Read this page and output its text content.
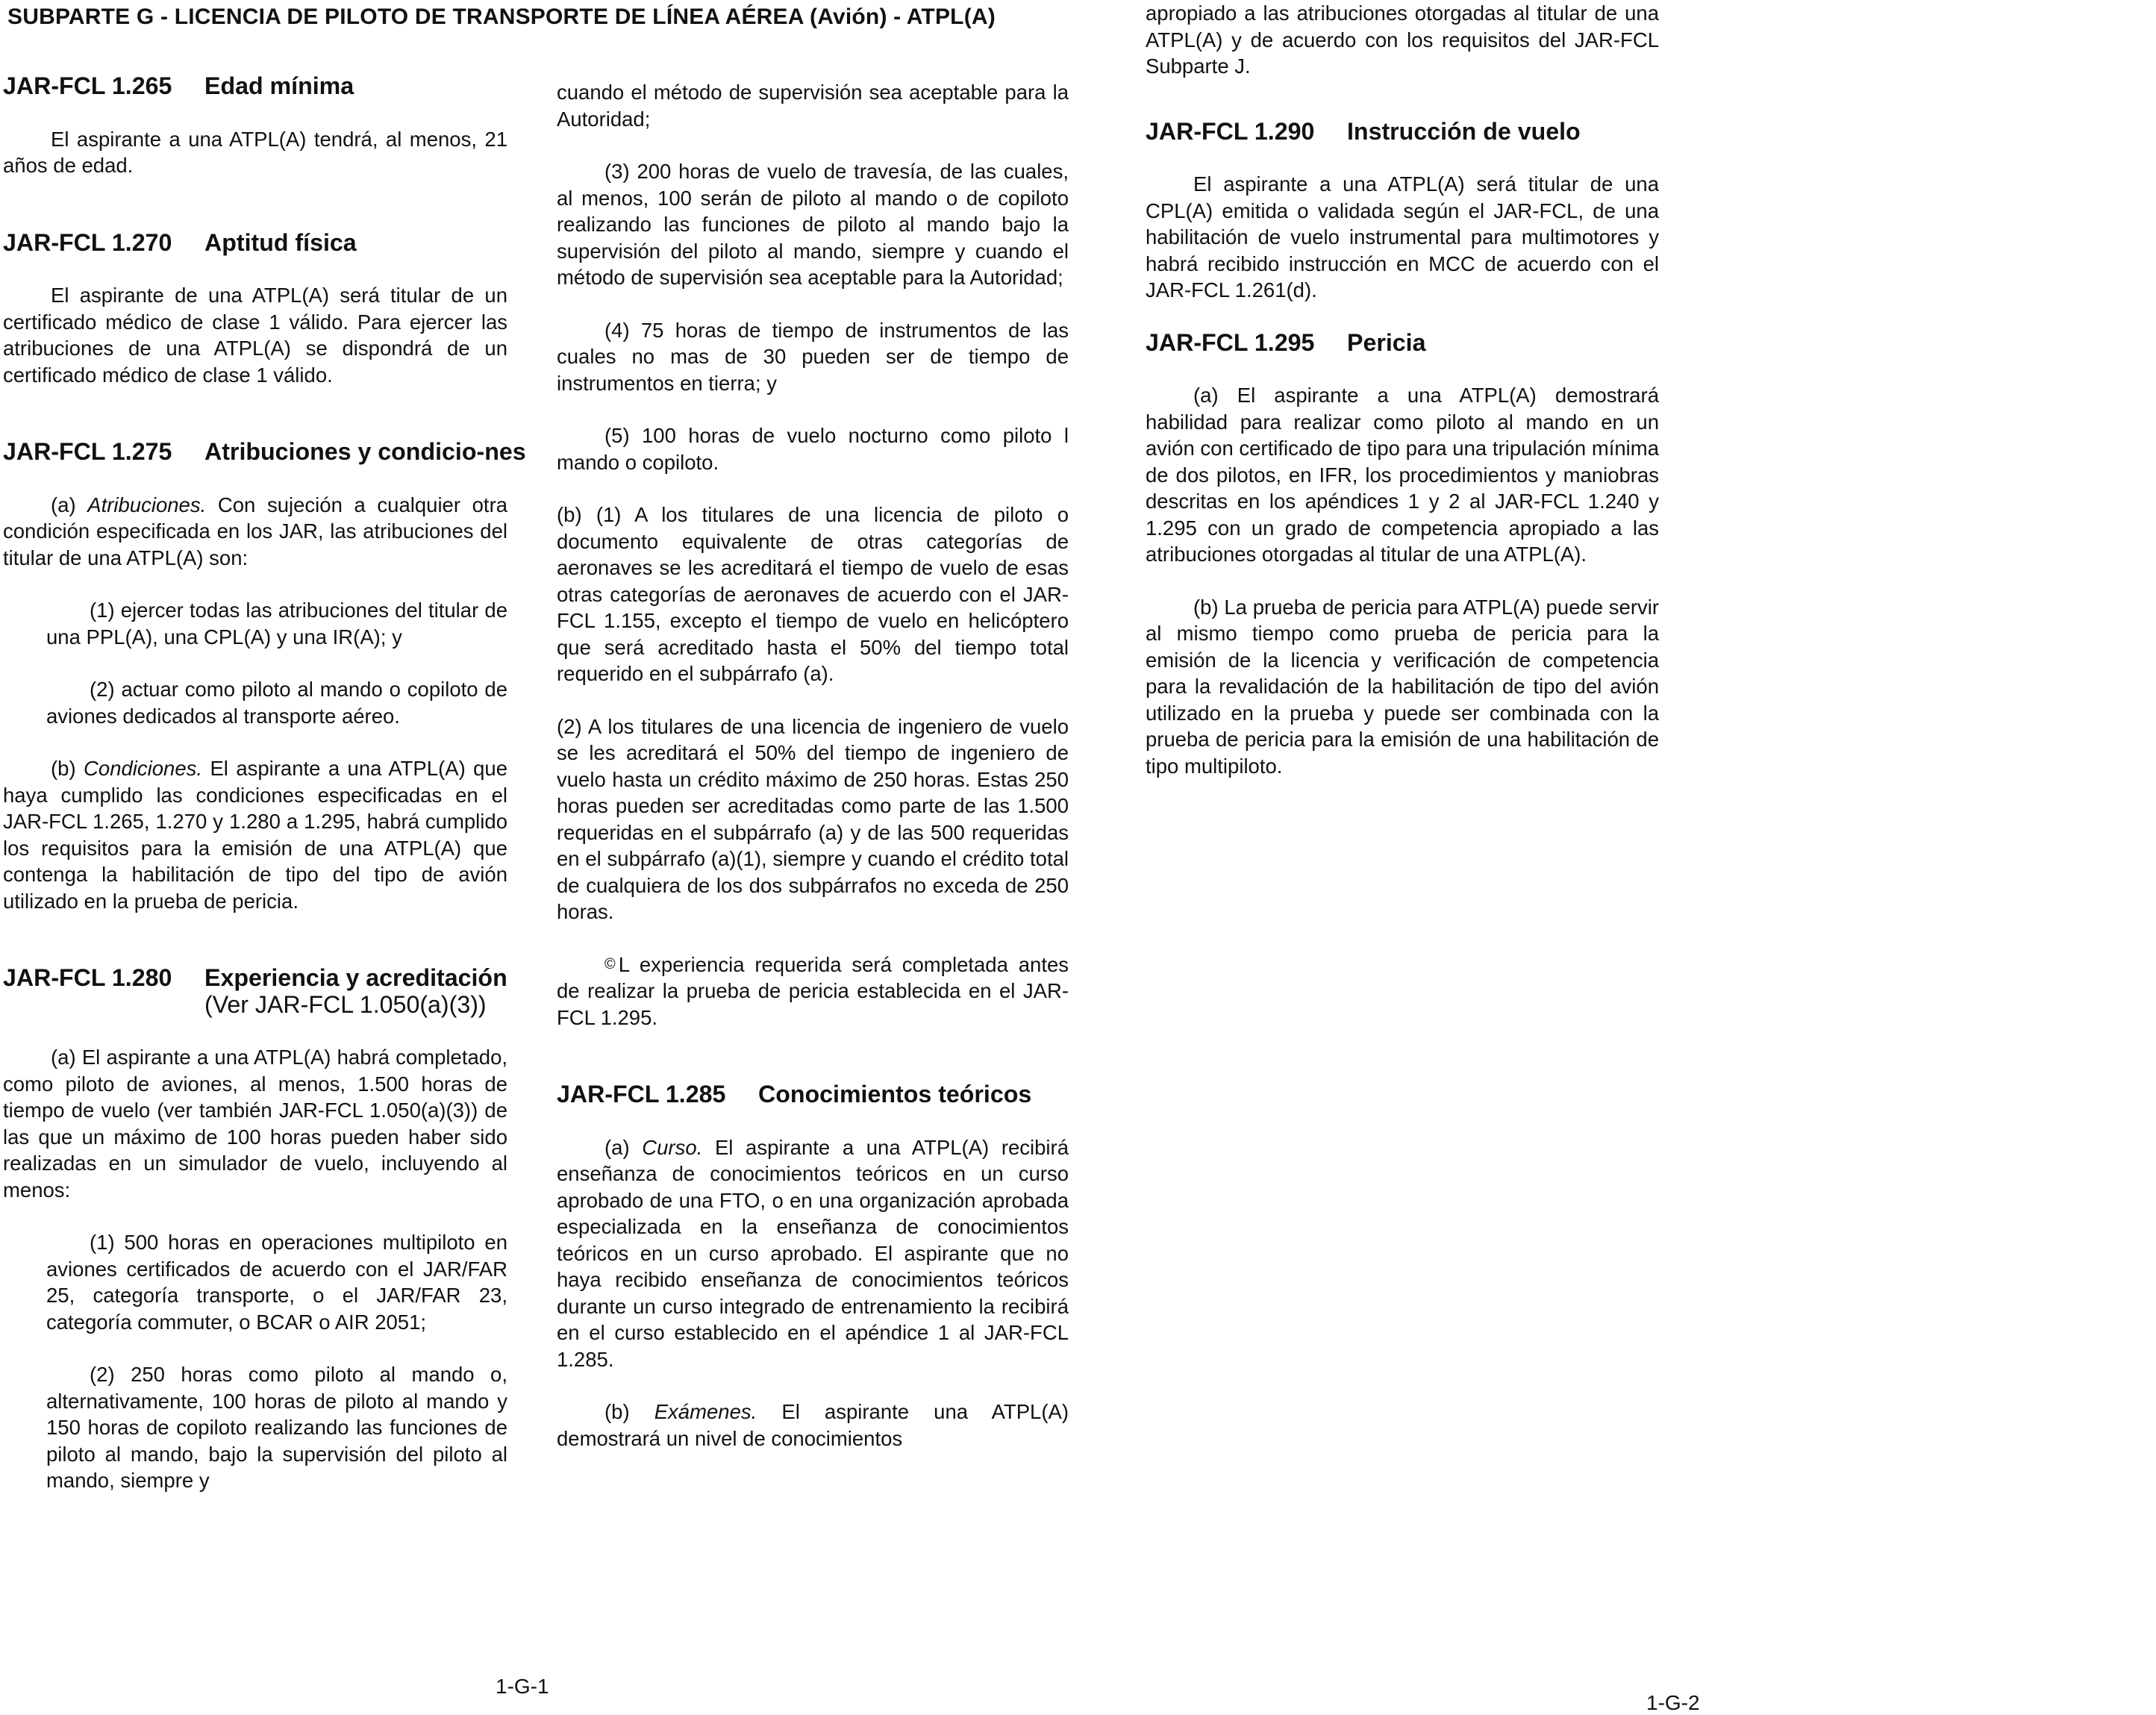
SUBPARTE G - LICENCIA DE PILOTO DE TRANSPORTE DE LÍNEA AÉREA (Avión) - ATPL(A)
JAR-FCL 1.265 Edad mínima

El aspirante a una ATPL(A) tendrá, al menos, 21 años de edad.

JAR-FCL 1.270 Aptitud física

El aspirante de una ATPL(A) será titular de un certificado médico de clase 1 válido. Para ejercer las atribuciones de una ATPL(A) se dispondrá de un certificado médico de clase 1 válido.

JAR-FCL 1.275 Atribuciones y condicio-nes

(a) Atribuciones. Con sujeción a cualquier otra condición especificada en los JAR, las atribuciones del titular de una ATPL(A) son:

(1) ejercer todas las atribuciones del titular de una PPL(A), una CPL(A) y una IR(A); y

(2) actuar como piloto al mando o copiloto de aviones dedicados al transporte aéreo.

(b) Condiciones. El aspirante a una ATPL(A) que haya cumplido las condiciones especificadas en el JAR-FCL 1.265, 1.270 y 1.280 a 1.295, habrá cumplido los requisitos para la emisión de una ATPL(A) que contenga la habilitación de tipo del tipo de avión utilizado en la prueba de pericia.

JAR-FCL 1.280 Experiencia y acreditación
(Ver JAR-FCL 1.050(a)(3))

(a) El aspirante a una ATPL(A) habrá completado, como piloto de aviones, al menos, 1.500 horas de tiempo de vuelo (ver también JAR-FCL 1.050(a)(3)) de las que un máximo de 100 horas pueden haber sido realizadas en un simulador de vuelo, incluyendo al menos:

(1) 500 horas en operaciones multipiloto en aviones certificados de acuerdo con el JAR/FAR 25, categoría transporte, o el JAR/FAR 23, categoría commuter, o BCAR o AIR 2051;

(2) 250 horas como piloto al mando o, alternativamente, 100 horas de piloto al mando y 150 horas de copiloto realizando las funciones de piloto al mando, bajo la supervisión del piloto al mando, siempre y

cuando el método de supervisión sea aceptable para la Autoridad;

(3) 200 horas de vuelo de travesía, de las cuales, al menos, 100 serán de piloto al mando o de copiloto realizando las funciones de piloto al mando bajo la supervisión del piloto al mando, siempre y cuando el método de supervisión sea aceptable para la Autoridad;

(4) 75 horas de tiempo de instrumentos de las cuales no mas de 30 pueden ser de tiempo de instrumentos en tierra; y

(5) 100 horas de vuelo nocturno como piloto l mando o copiloto.

(b) (1) A los titulares de una licencia de piloto o documento equivalente de otras categorías de aeronaves se les acreditará el tiempo de vuelo de esas otras categorías de aeronaves de acuerdo con el JAR-FCL 1.155, excepto el tiempo de vuelo en helicóptero que será acreditado hasta el 50% del tiempo total requerido en el subpárrafo (a).

(2) A los titulares de una licencia de ingeniero de vuelo se les acreditará el 50% del tiempo de ingeniero de vuelo hasta un crédito máximo de 250 horas. Estas 250 horas pueden ser acreditadas como parte de las 1.500 requeridas en el subpárrafo (a) y de las 500 requeridas en el subpárrafo (a)(1), siempre y cuando el crédito total de cualquiera de los dos subpárrafos no exceda de 250 horas.

© L experiencia requerida será completada antes de realizar la prueba de pericia establecida en el JAR-FCL 1.295.

JAR-FCL 1.285 Conocimientos teóricos

(a) Curso. El aspirante a una ATPL(A) recibirá enseñanza de conocimientos teóricos en un curso aprobado de una FTO, o en una organización aprobada especializada en la enseñanza de conocimientos teóricos en un curso aprobado. El aspirante que no haya recibido enseñanza de conocimientos teóricos durante un curso integrado de entrenamiento la recibirá en el curso establecido en el apéndice 1 al JAR-FCL 1.285.

(b) Exámenes. El aspirante una ATPL(A) demostrará un nivel de conocimientos

apropiado a las atribuciones otorgadas al titular de una ATPL(A) y de acuerdo con los requisitos del JAR-FCL Subparte J.

JAR-FCL 1.290 Instrucción de vuelo

El aspirante a una ATPL(A) será titular de una CPL(A) emitida o validada según el JAR-FCL, de una habilitación de vuelo instrumental para multimotores y habrá recibido instrucción en MCC de acuerdo con el JAR-FCL 1.261(d).

JAR-FCL 1.295 Pericia

(a) El aspirante a una ATPL(A) demostrará habilidad para realizar como piloto al mando en un avión con certificado de tipo para una tripulación mínima de dos pilotos, en IFR, los procedimientos y maniobras descritas en los apéndices 1 y 2 al JAR-FCL 1.240 y 1.295 con un grado de competencia apropiado a las atribuciones otorgadas al titular de una ATPL(A).

(b) La prueba de pericia para ATPL(A) puede servir al mismo tiempo como prueba de pericia para la emisión de la licencia y verificación de competencia para la revalidación de la habilitación de tipo del avión utilizado en la prueba y puede ser combinada con la prueba de pericia para la emisión de una habilitación de tipo multipiloto.

1-G-1
1-G-2
